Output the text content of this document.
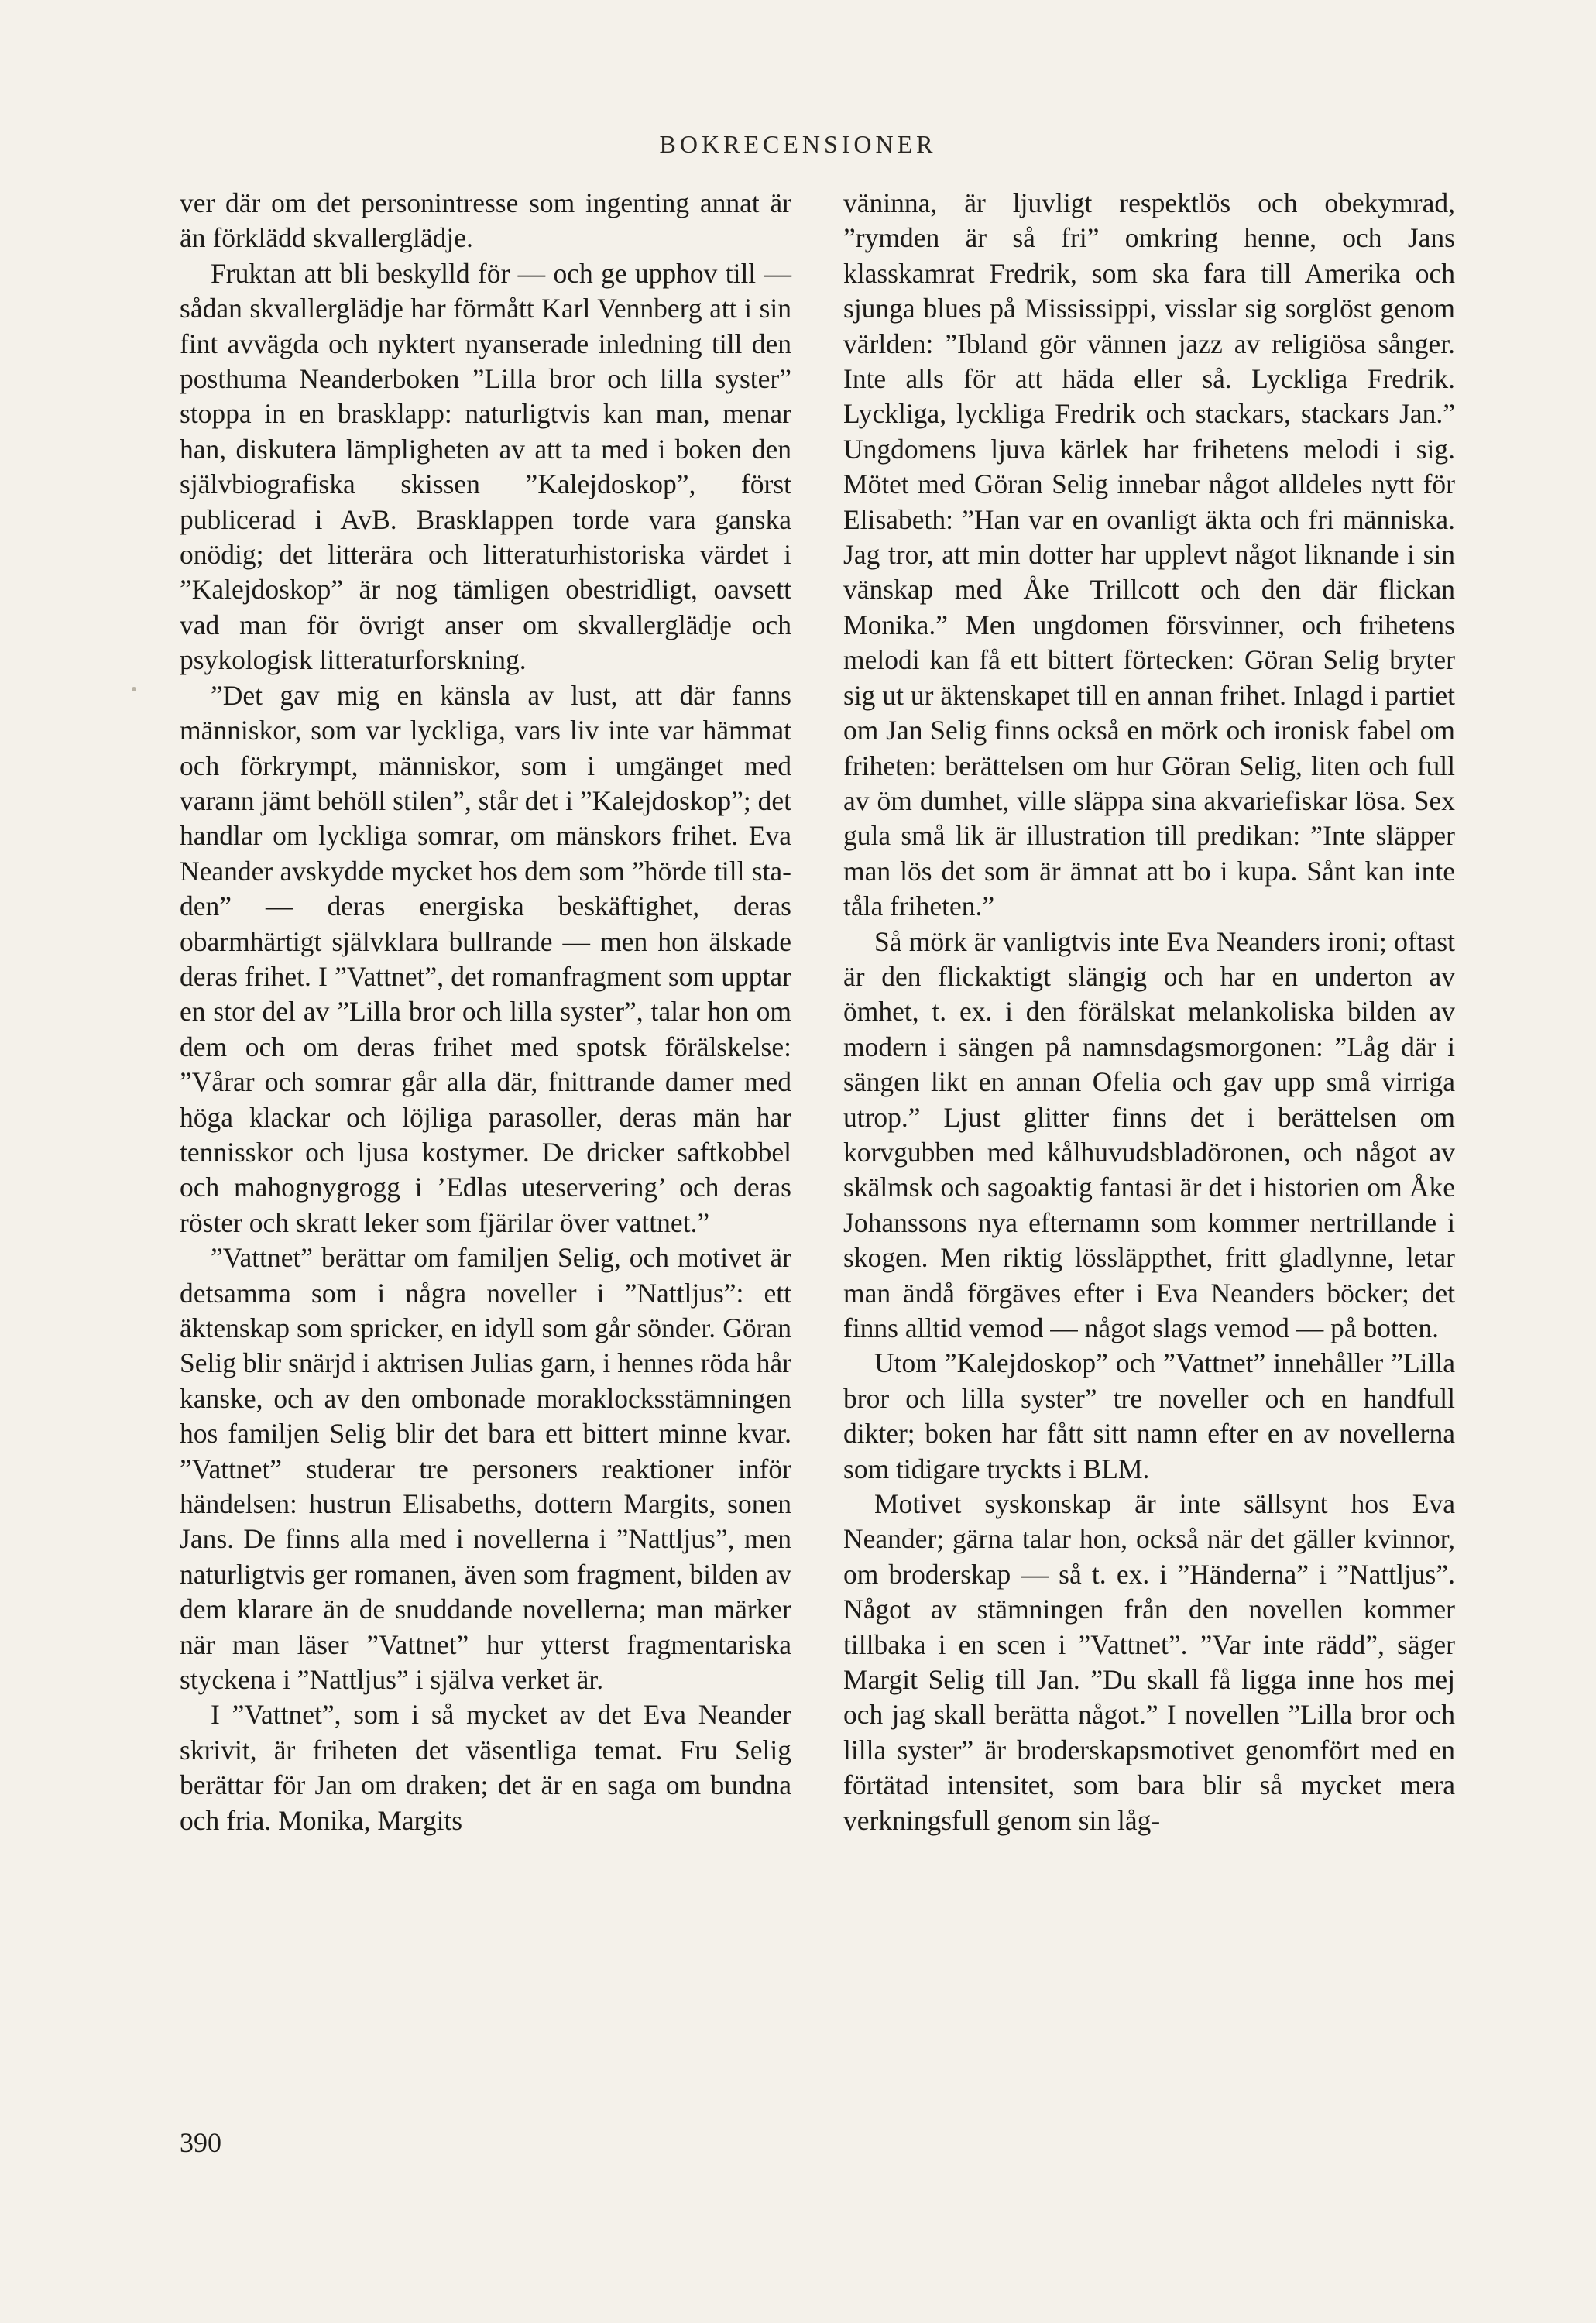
BOKRECENSIONER

ver där om det personintresse som ingenting annat är än förklädd skvallerglädje.

Fruktan att bli beskylld för — och ge upphov till — sådan skvallerglädje har förmått Karl Vennberg att i sin fint avvägda och nyktert nyanserade inledning till den posthuma Neanderboken ”Lilla bror och lilla syster” stoppa in en brasklapp: naturligtvis kan man, menar han, diskutera lämpligheten av att ta med i boken den självbiografiska skissen ”Kalejdoskop”, först publicerad i AvB. Brasklappen torde vara ganska onödig; det litterära och litteraturhistoriska värdet i ”Kalejdoskop” är nog tämligen obestridligt, oavsett vad man för övrigt anser om skvallerglädje och psykologisk litteraturforskning.

”Det gav mig en känsla av lust, att där fanns människor, som var lyckliga, vars liv inte var hämmat och förkrympt, människor, som i umgänget med varann jämt behöll stilen”, står det i ”Kalejdoskop”; det handlar om lyckliga somrar, om mänskors frihet. Eva Neander avskydde mycket hos dem som ”hörde till staden” — deras energiska beskäftighet, deras obarmhärtigt självklara bullrande — men hon älskade deras frihet. I ”Vattnet”, det romanfragment som upptar en stor del av ”Lilla bror och lilla syster”, talar hon om dem och om deras frihet med spotsk förälskelse: ”Vårar och somrar går alla där, fnittrande damer med höga klackar och löjliga parasoller, deras män har tennisskor och ljusa kostymer. De dricker saftkobbel och mahognygrogg i ’Edlas uteservering’ och deras röster och skratt leker som fjärilar över vattnet.”

”Vattnet” berättar om familjen Selig, och motivet är detsamma som i några noveller i ”Nattljus”: ett äktenskap som spricker, en idyll som går sönder. Göran Selig blir snärjd i aktrisen Julias garn, i hennes röda hår kanske, och av den ombonade moraklocksstämningen hos familjen Selig blir det bara ett bittert minne kvar. ”Vattnet” studerar tre personers reaktioner inför händelsen: hustrun Elisabeths, dottern Margits, sonen Jans. De finns alla med i novellerna i ”Nattljus”, men naturligtvis ger romanen, även som fragment, bilden av dem klarare än de snuddande novellerna; man märker när man läser ”Vattnet” hur ytterst fragmentariska styckena i ”Nattljus” i själva verket är.

I ”Vattnet”, som i så mycket av det Eva Neander skrivit, är friheten det väsentliga temat. Fru Selig berättar för Jan om draken; det är en saga om bundna och fria. Monika, Margits

väninna, är ljuvligt respektlös och obekymrad, ”rymden är så fri” omkring henne, och Jans klasskamrat Fredrik, som ska fara till Amerika och sjunga blues på Mississippi, visslar sig sorglöst genom världen: ”Ibland gör vännen jazz av religiösa sånger. Inte alls för att häda eller så. Lyckliga Fredrik. Lyckliga, lyckliga Fredrik och stackars, stackars Jan.” Ungdomens ljuva kärlek har frihetens melodi i sig. Mötet med Göran Selig innebar något alldeles nytt för Elisabeth: ”Han var en ovanligt äkta och fri människa. Jag tror, att min dotter har upplevt något liknande i sin vänskap med Åke Trillcott och den där flickan Monika.” Men ungdomen försvinner, och frihetens melodi kan få ett bittert förtecken: Göran Selig bryter sig ut ur äktenskapet till en annan frihet. Inlagd i partiet om Jan Selig finns också en mörk och ironisk fabel om friheten: berättelsen om hur Göran Selig, liten och full av öm dumhet, ville släppa sina akvariefiskar lösa. Sex gula små lik är illustration till predikan: ”Inte släpper man lös det som är ämnat att bo i kupa. Sånt kan inte tåla friheten.”

Så mörk är vanligtvis inte Eva Neanders ironi; oftast är den flickaktigt slängig och har en underton av ömhet, t. ex. i den förälskat melankoliska bilden av modern i sängen på namnsdagsmorgonen: ”Låg där i sängen likt en annan Ofelia och gav upp små virriga utrop.” Ljust glitter finns det i berättelsen om korvgubben med kålhuvudsbladöronen, och något av skälmsk och sagoaktig fantasi är det i historien om Åke Johanssons nya efternamn som kommer nertrillande i skogen. Men riktig lössläppthet, fritt gladlynne, letar man ändå förgäves efter i Eva Neanders böcker; det finns alltid vemod — något slags vemod — på botten.

Utom ”Kalejdoskop” och ”Vattnet” innehåller ”Lilla bror och lilla syster” tre noveller och en handfull dikter; boken har fått sitt namn efter en av novellerna som tidigare tryckts i BLM.

Motivet syskonskap är inte sällsynt hos Eva Neander; gärna talar hon, också när det gäller kvinnor, om broderskap — så t. ex. i ”Händerna” i ”Nattljus”. Något av stämningen från den novellen kommer tillbaka i en scen i ”Vattnet”. ”Var inte rädd”, säger Margit Selig till Jan. ”Du skall få ligga inne hos mej och jag skall berätta något.” I novellen ”Lilla bror och lilla syster” är broderskapsmotivet genomfört med en förtätad intensitet, som bara blir så mycket mera verkningsfull genom sin låg-

390
